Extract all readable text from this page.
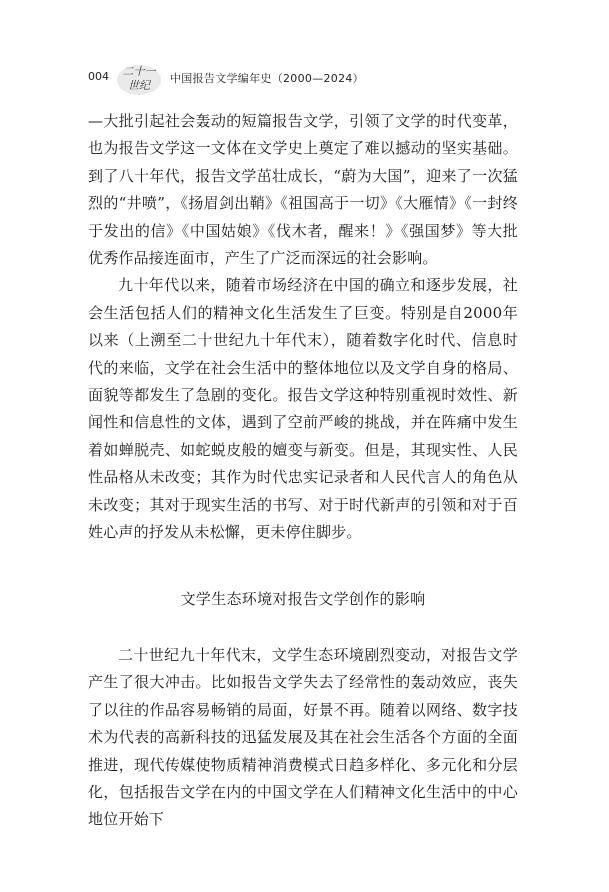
004 二十一
世纪
中国报告文学编年史（2000—2024）

—大批引起社会轰动的短篇报告文学，引领了文学的时代变革，也为报告文学这一文体在文学史上奠定了难以撼动的坚实基础。到了八十年代，报告文学茁壮成长，“蔚为大国”，迎来了一次猛烈的“井喷”，《扬眉剑出鞘》《祖国高于一切》《大雁情》《一封终于发出的信》《中国姑娘》《伐木者，醒来！》《强国梦》等大批优秀作品接连面市，产生了广泛而深远的社会影响。

九十年代以来，随着市场经济在中国的确立和逐步发展，社会生活包括人们的精神文化生活发生了巨变。特别是自2000年以来（上溯至二十世纪九十年代末），随着数字化时代、信息时代的来临，文学在社会生活中的整体地位以及文学自身的格局、面貌等都发生了急剧的变化。报告文学这种特别重视时效性、新闻性和信息性的文体，遇到了空前严峻的挑战，并在阵痛中发生着如蝉脱壳、如蛇蜕皮般的嬗变与新变。但是，其现实性、人民性品格从未改变；其作为时代忠实记录者和人民代言人的角色从未改变；其对于现实生活的书写、对于时代新声的引领和对于百姓心声的抒发从未松懈，更未停住脚步。

文学生态环境对报告文学创作的影响

二十世纪九十年代末，文学生态环境剧烈变动，对报告文学产生了很大冲击。比如报告文学失去了经常性的轰动效应，丧失了以往的作品容易畅销的局面，好景不再。随着以网络、数字技术为代表的高新科技的迅猛发展及其在社会生活各个方面的全面推进，现代传媒使物质精神消费模式日趋多样化、多元化和分层化，包括报告文学在内的中国文学在人们精神文化生活中的中心地位开始下
